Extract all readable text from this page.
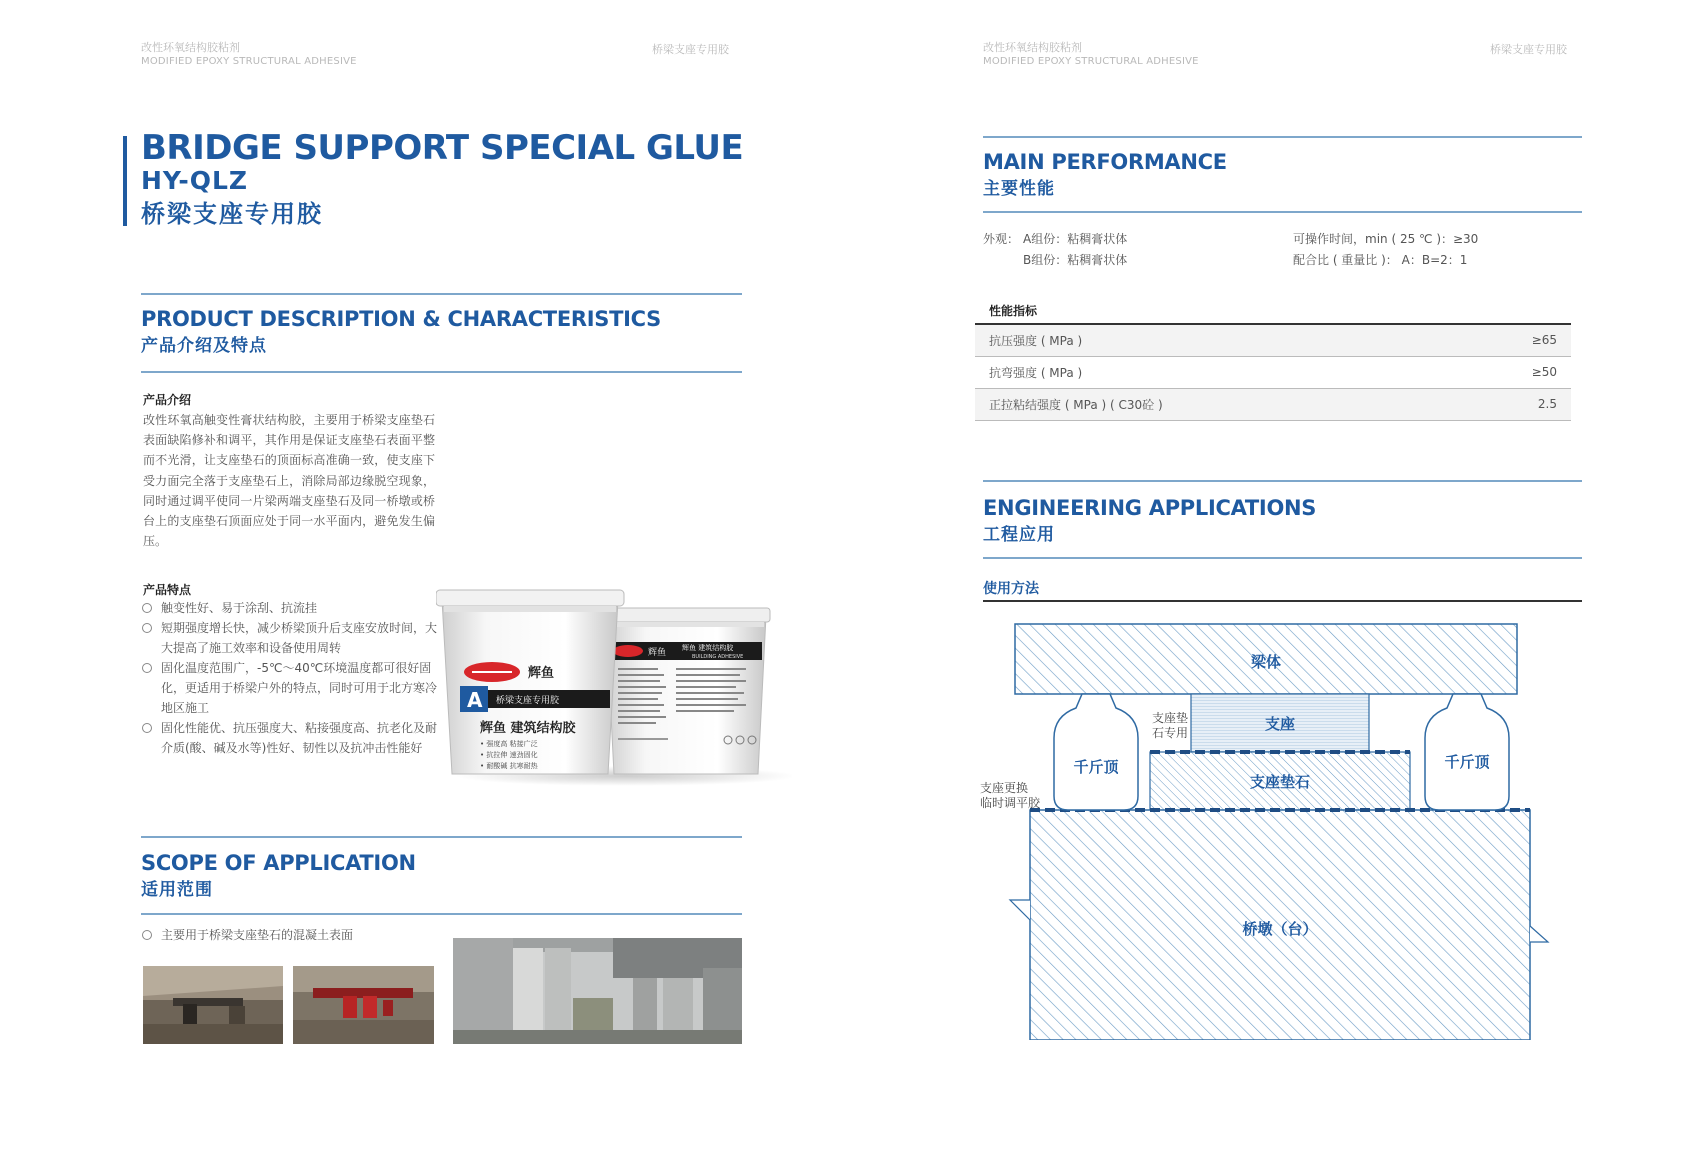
改性环氧结构胶粘剂
MODIFIED EPOXY STRUCTURAL ADHESIVE
桥梁支座专用胶
BRIDGE SUPPORT SPECIAL GLUE
HY-QLZ
桥梁支座专用胶
PRODUCT DESCRIPTION & CHARACTERISTICS
产品介绍及特点
产品介绍
改性环氧高触变性膏状结构胶，主要用于桥梁支座垫石表面缺陷修补和调平，其作用是保证支座垫石表面平整而不光滑，让支座垫石的顶面标高准确一致，使支座下受力面完全落于支座垫石上，消除局部边缘脱空现象，同时通过调平使同一片梁两端支座垫石及同一桥墩或桥台上的支座垫石顶面应处于同一水平面内，避免发生偏压。
产品特点
触变性好、易于涂刮、抗流挂
短期强度增长快，减少桥梁顶升后支座安放时间，大大提高了施工效率和设备使用周转
固化温度范围广，-5℃～40℃环境温度都可很好固化，更适用于桥梁户外的特点，同时可用于北方寒冷地区施工
固化性能优、抗压强度大、粘接强度高、抗老化及耐介质(酸、碱及水等)性好、韧性以及抗冲击性能好
辉鱼 辉鱼 建筑结构胶
BUILDING ADHESIVE
辉鱼
A 桥梁支座专用胶
辉鱼 建筑结构胶
• 强度高 粘接广泛
• 抗拉伸 速劲固化
• 耐酸碱 抗寒耐热
SCOPE OF APPLICATION
适用范围
主要用于桥梁支座垫石的混凝土表面
改性环氧结构胶粘剂
MODIFIED EPOXY STRUCTURAL ADHESIVE
桥梁支座专用胶
MAIN PERFORMANCE
主要性能
外观： A组份：粘稠膏状体
B组份：粘稠膏状体
可操作时间，min ( 25 ℃ )：≥30
配合比 ( 重量比 )： A：B=2：1
性能指标	
抗压强度 ( MPa )	≥65
抗弯强度 ( MPa )	≥50
正拉粘结强度 ( MPa ) ( C30砼 )	2.5
ENGINEERING APPLICATIONS
工程应用
使用方法
梁体
支座
支座垫石
桥墩（台）
千斤顶	千斤顶
支座垫
石专用
支座更换
临时调平胶
